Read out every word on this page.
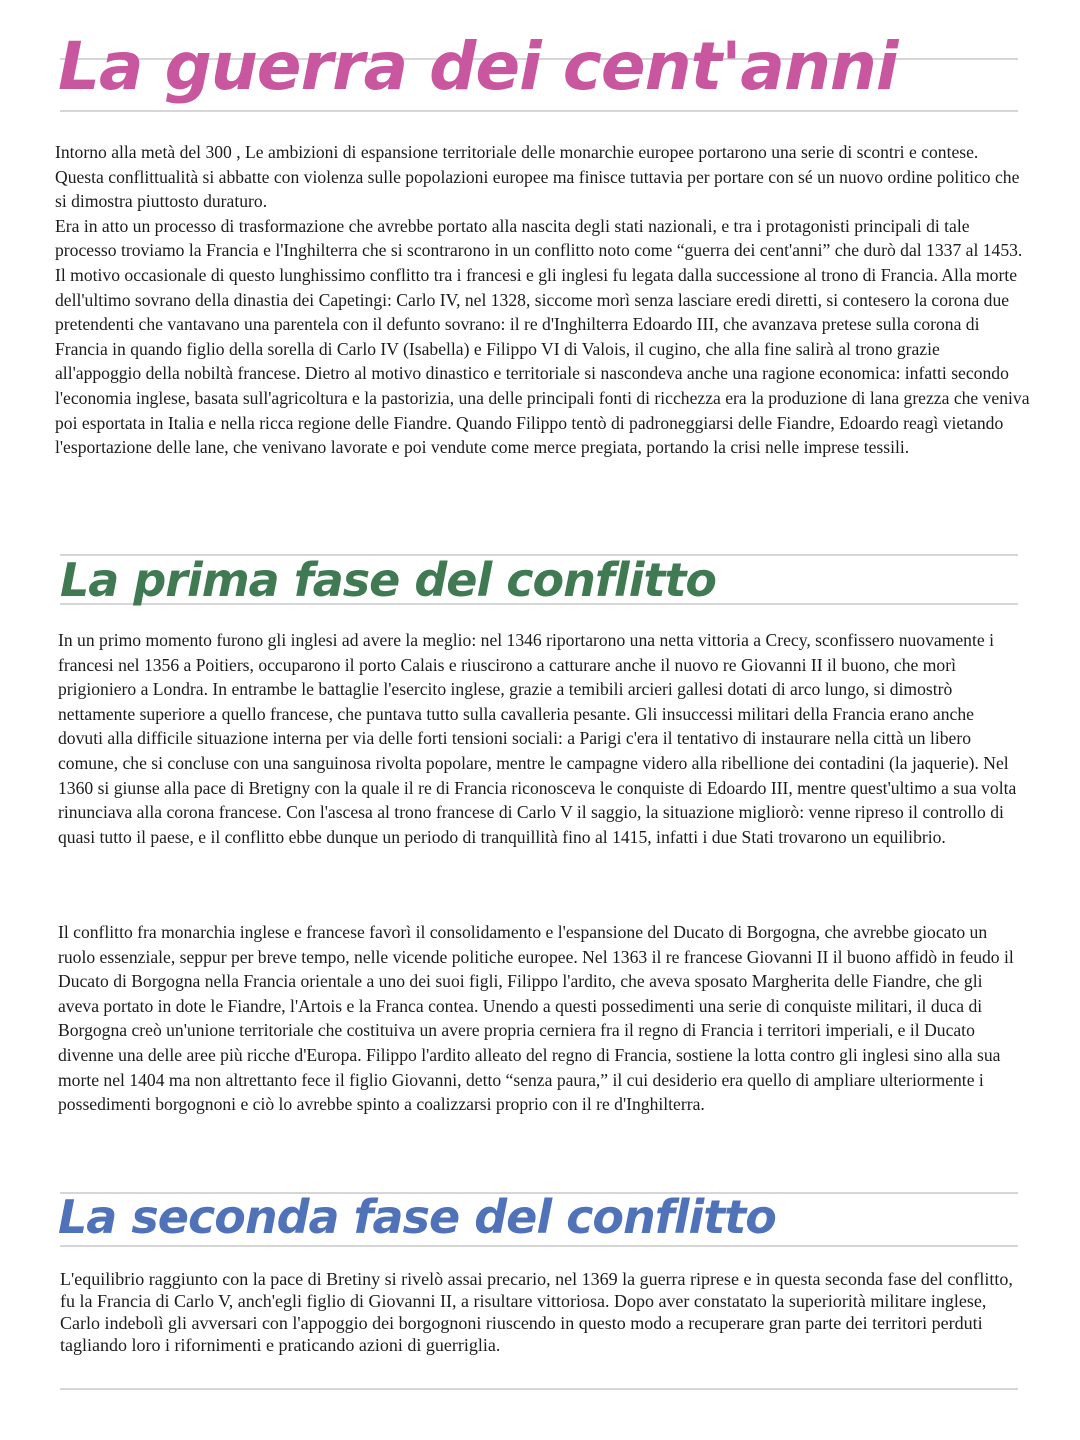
La guerra dei cent'anni

Intorno alla metà del 300 , Le ambizioni di espansione territoriale delle monarchie europee portarono una serie di scontri e contese. Questa conflittualità si abbatte con violenza sulle popolazioni europee ma finisce tuttavia per portare con sé un nuovo ordine politico che si dimostra piuttosto duraturo.

Era in atto un processo di trasformazione che avrebbe portato alla nascita degli stati nazionali, e tra i protagonisti principali di tale processo troviamo la Francia e l'Inghilterra che si scontrarono in un conflitto noto come “guerra dei cent'anni” che durò dal 1337 al 1453.

Il motivo occasionale di questo lunghissimo conflitto tra i francesi e gli inglesi fu legata dalla successione al trono di Francia. Alla morte dell'ultimo sovrano della dinastia dei Capetingi: Carlo IV, nel 1328, siccome morì senza lasciare eredi diretti, si contesero la corona due pretendenti che vantavano una parentela con il defunto sovrano: il re d'Inghilterra Edoardo III, che avanzava pretese sulla corona di Francia in quando figlio della sorella di Carlo IV (Isabella) e Filippo VI di Valois, il cugino, che alla fine salirà al trono grazie all'appoggio della nobiltà francese. Dietro al motivo dinastico e territoriale si nascondeva anche una ragione economica: infatti secondo l'economia inglese, basata sull'agricoltura e la pastorizia, una delle principali fonti di ricchezza era la produzione di lana grezza che veniva poi esportata in Italia e nella ricca regione delle Fiandre. Quando Filippo tentò di padroneggiarsi delle Fiandre, Edoardo reagì vietando l'esportazione delle lane, che venivano lavorate e poi vendute come merce pregiata, portando la crisi nelle imprese tessili.

La prima fase del conflitto

In un primo momento furono gli inglesi ad avere la meglio: nel 1346 riportarono una netta vittoria a Crecy, sconfissero nuovamente i francesi nel 1356 a Poitiers, occuparono il porto Calais e riuscirono a catturare anche il nuovo re Giovanni II il buono, che morì prigioniero a Londra. In entrambe le battaglie l'esercito inglese, grazie a temibili arcieri gallesi dotati di arco lungo, si dimostrò nettamente superiore a quello francese, che puntava tutto sulla cavalleria pesante. Gli insuccessi militari della Francia erano anche dovuti alla difficile situazione interna per via delle forti tensioni sociali: a Parigi c'era il tentativo di instaurare nella città un libero comune, che si concluse con una sanguinosa rivolta popolare, mentre le campagne videro alla ribellione dei contadini (la jaquerie). Nel 1360 si giunse alla pace di Bretigny con la quale il re di Francia riconosceva le conquiste di Edoardo III, mentre quest'ultimo a sua volta rinunciava alla corona francese. Con l'ascesa al trono francese di Carlo V il saggio, la situazione migliorò: venne ripreso il controllo di quasi tutto il paese, e il conflitto ebbe dunque un periodo di tranquillità fino al 1415, infatti i due Stati trovarono un equilibrio.

Il conflitto fra monarchia inglese e francese favorì il consolidamento e l'espansione del Ducato di Borgogna, che avrebbe giocato un ruolo essenziale, seppur per breve tempo, nelle vicende politiche europee. Nel 1363 il re francese Giovanni II il buono affidò in feudo il Ducato di Borgogna nella Francia orientale a uno dei suoi figli, Filippo l'ardito, che aveva sposato Margherita delle Fiandre, che gli aveva portato in dote le Fiandre, l'Artois e la Franca contea. Unendo a questi possedimenti una serie di conquiste militari, il duca di Borgogna creò un'unione territoriale che costituiva un avere propria cerniera fra il regno di Francia i territori imperiali, e il Ducato divenne una delle aree più ricche d'Europa. Filippo l'ardito alleato del regno di Francia, sostiene la lotta contro gli inglesi sino alla sua morte nel 1404 ma non altrettanto fece il figlio Giovanni, detto “senza paura,” il cui desiderio era quello di ampliare ulteriormente i possedimenti borgognoni e ciò lo avrebbe spinto a coalizzarsi proprio con il re d'Inghilterra.

La seconda fase del conflitto

L'equilibrio raggiunto con la pace di Bretiny si rivelò assai precario, nel 1369 la guerra riprese e in questa seconda fase del conflitto, fu la Francia di Carlo V, anch'egli figlio di Giovanni II, a risultare vittoriosa. Dopo aver constatato la superiorità militare inglese, Carlo indebolì gli avversari con l'appoggio dei borgognoni riuscendo in questo modo a recuperare gran parte dei territori perduti tagliando loro i rifornimenti e praticando azioni di guerriglia.
